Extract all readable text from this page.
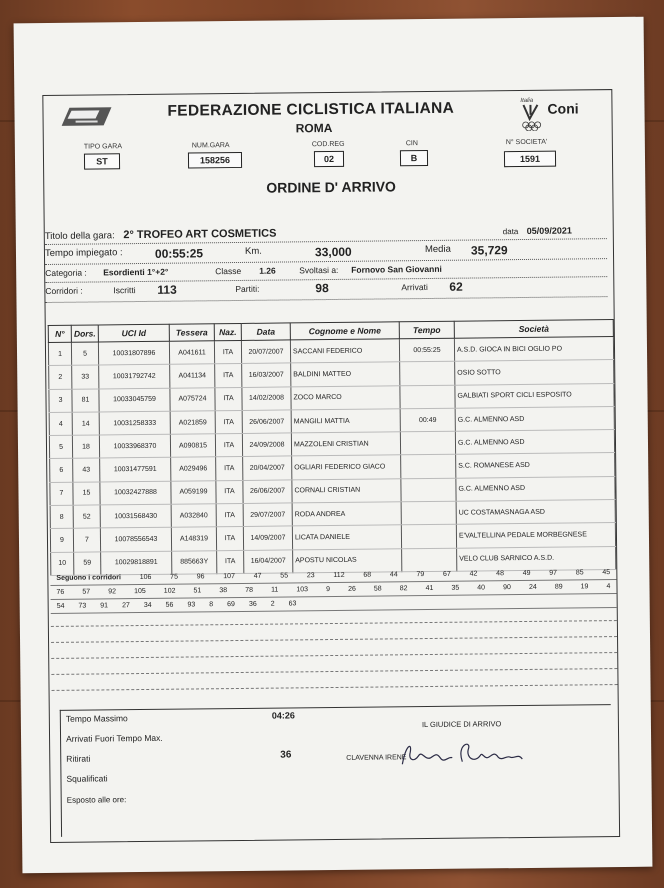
FEDERAZIONE CICLISTICA ITALIANA
ROMA
Italia Coni
TIPO GARA
ST
NUM.GARA
158256
COD.REG
02
CIN
B
N° SOCIETA'
1591
ORDINE D' ARRIVO
Titolo della gara: 2° TROFEO ART COSMETICS	data 05/09/2021
Tempo impiegato :	00:55:25	Km.	33,000	Media 35,729
Categoria : Esordienti 1°+2°	Classe 1.26	Svoltasi a: Fornovo San Giovanni
Corridori :	Iscritti 113	Partiti:	98	Arrivati 62
N°	Dors.	UCI Id	Tessera	Naz.	Data	Cognome e Nome	Tempo	Società
1	5	10031807896	A041611	ITA	20/07/2007	SACCANI FEDERICO	00:55:25	A.S.D. GIOCA IN BICI OGLIO PO
2	33	10031792742	A041134	ITA	16/03/2007	BALDINI MATTEO		OSIO SOTTO
3	81	10033045759	A075724	ITA	14/02/2008	ZOCO MARCO		GALBIATI SPORT CICLI ESPOSITO
4	14	10031258333	A021859	ITA	26/06/2007	MANGILI MATTIA	00:49	G.C. ALMENNO ASD
5	18	10033968370	A090815	ITA	24/09/2008	MAZZOLENI CRISTIAN		G.C. ALMENNO ASD
6	43	10031477591	A029496	ITA	20/04/2007	OGLIARI FEDERICO GIACO		S.C. ROMANESE ASD
7	15	10032427888	A059199	ITA	26/06/2007	CORNALI CRISTIAN		G.C. ALMENNO ASD
8	52	10031568430	A032840	ITA	29/07/2007	RODA ANDREA		UC COSTAMASNAGA ASD
9	7	10078556543	A148319	ITA	14/09/2007	LICATA DANIELE		E'VALTELLINA PEDALE MORBEGNESE
10	59	10029818891	885663Y	ITA	16/04/2007	APOSTU NICOLAS		VELO CLUB SARNICO A.S.D.
Seguono i corridori	106	75	96	107	47	55	23	112	68	44	79	67	42	48	49	97	85	45
76	57	92	105	102	51	38	78	11	103	9	26	58	82	41	35	40	90	24	89	19	4
54 73 91 27 34 56 93 8 69 36 2 63
Tempo Massimo	04:26
Arrivati Fuori Tempo Max.
Ritirati	36
Squalificati
Esposto alle ore:
IL GIUDICE DI ARRIVO
CLAVENNA IRENE
